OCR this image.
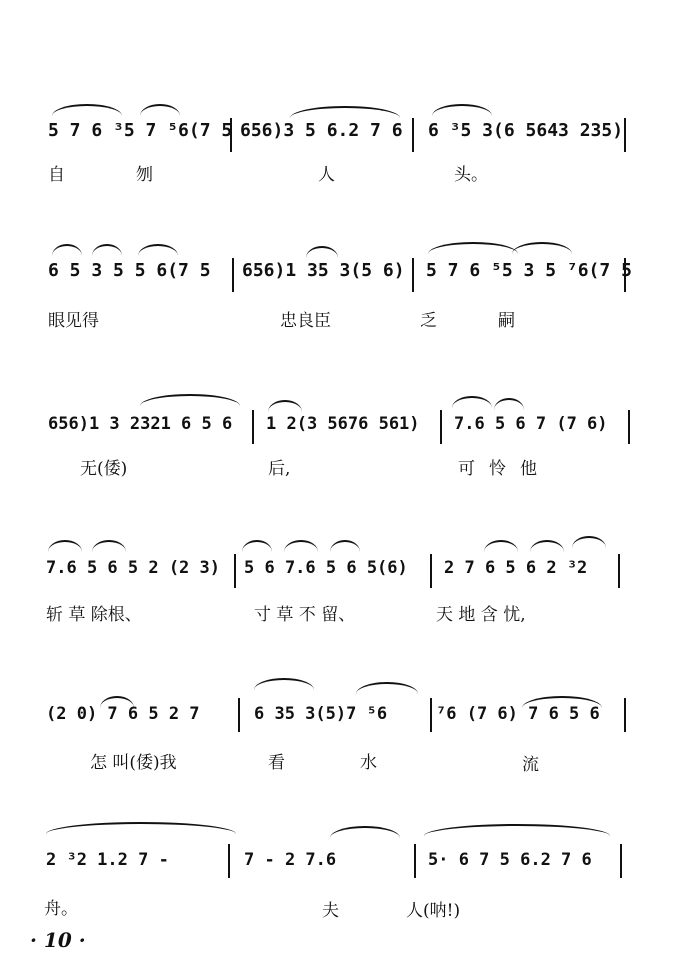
5 7 6 ³5 7 ⁵6(7 5 656)3 5 6.2 7 6 6 ³5 3(6 5643 235)
自	刎	人	头。
6 5 3 5 5 6(7 5 656)1 35 3(5 6) 5 7 6 ⁵5 3 5 ⁷6(7 5
眼见得	忠良臣	乏	嗣
656)1 3 2321 6 5 6 1 2(3 5676 561) 7.6 5 6 7 (7 6)
无(倭)	后,	可怜他
7.6 5 6 5 2 (2 3) 5 6 7.6 5 6 5(6) 2 7 6 5 6 2 ³2
斩 草 除根、	寸 草 不 留、	天 地 含 忧,
(2 0) 7 6 5 2 7	6 35 3(5)7 ⁵6	⁷6 (7 6) 7 6 5 6
怎 叫(倭)我	看	水	流
2 ³2 1.2 7 -	7 - 2 7.6	5· 6 7 5 6.2 7 6
舟。	夫	人(呐!)
· 10 ·
